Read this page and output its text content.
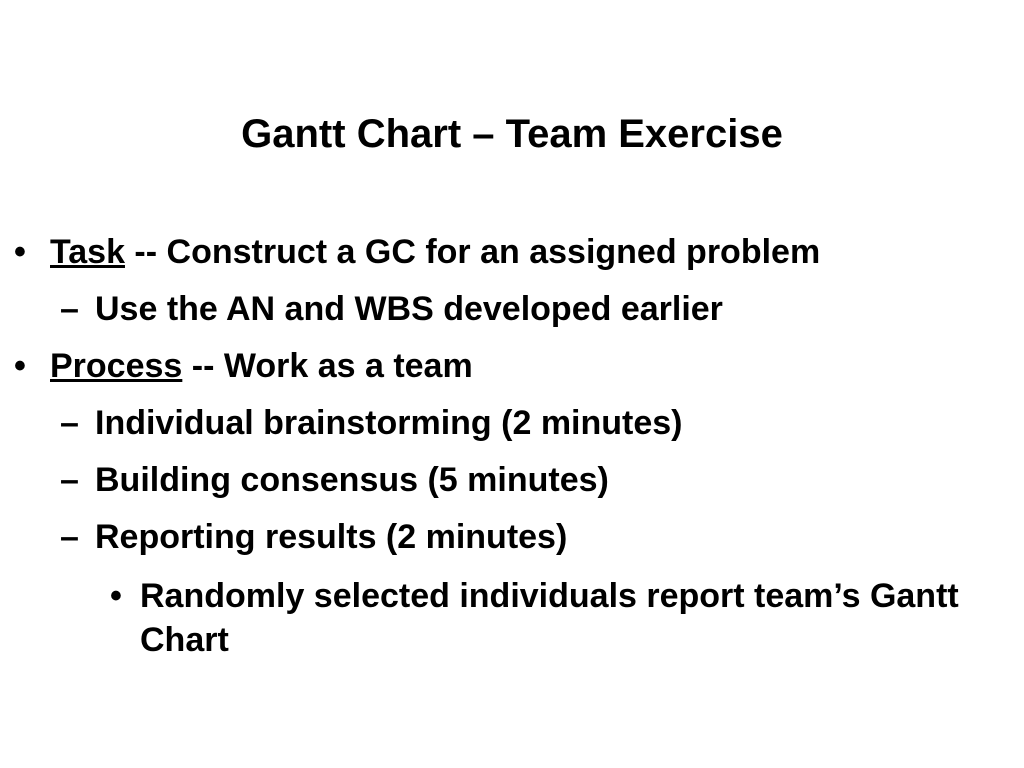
Gantt Chart – Team Exercise
• Task -- Construct a GC for an assigned problem
– Use the AN and WBS developed earlier
• Process -- Work as a team
– Individual brainstorming (2 minutes)
– Building consensus (5 minutes)
– Reporting results (2 minutes)
• Randomly selected individuals report team’s Gantt Chart
